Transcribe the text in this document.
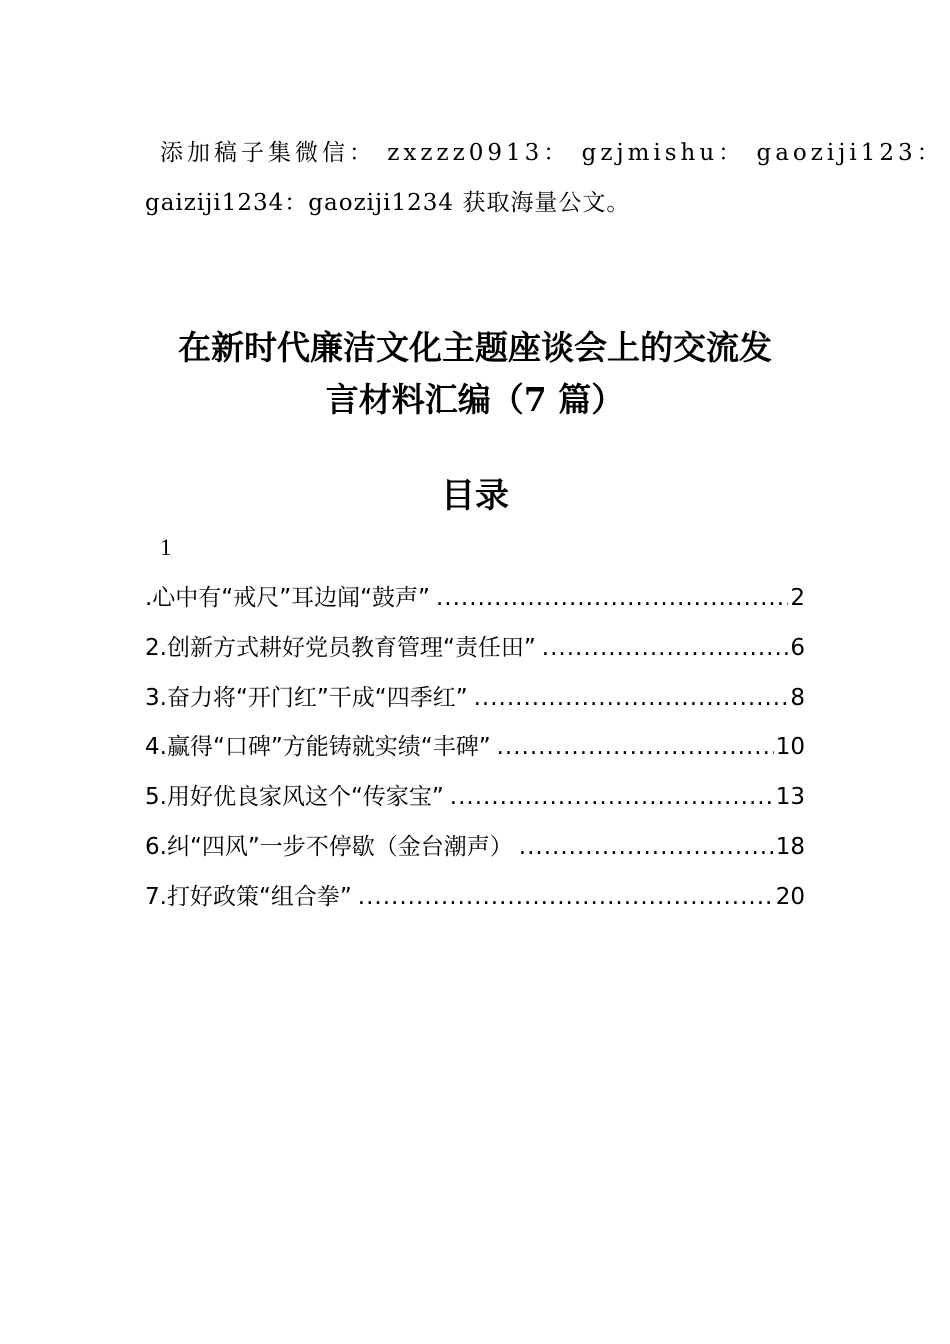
添加稿子集微信： zxzzz0913： gzjmishu： gaoziji123：
gaiziji1234：gaoziji1234 获取海量公文。
在新时代廉洁文化主题座谈会上的交流发
言材料汇编（7 篇）
目录
1
.心中有“戒尺”耳边闻“鼓声” .....	2
2.创新方式耕好党员教育管理“责任田” .....	6
3.奋力将“开门红”干成“四季红” .....	8
4.赢得“口碑”方能铸就实绩“丰碑” .....	10
5.用好优良家风这个“传家宝” .....	13
6.纠“四风”一步不停歇（金台潮声） .....	18
7.打好政策“组合拳” .....	20
